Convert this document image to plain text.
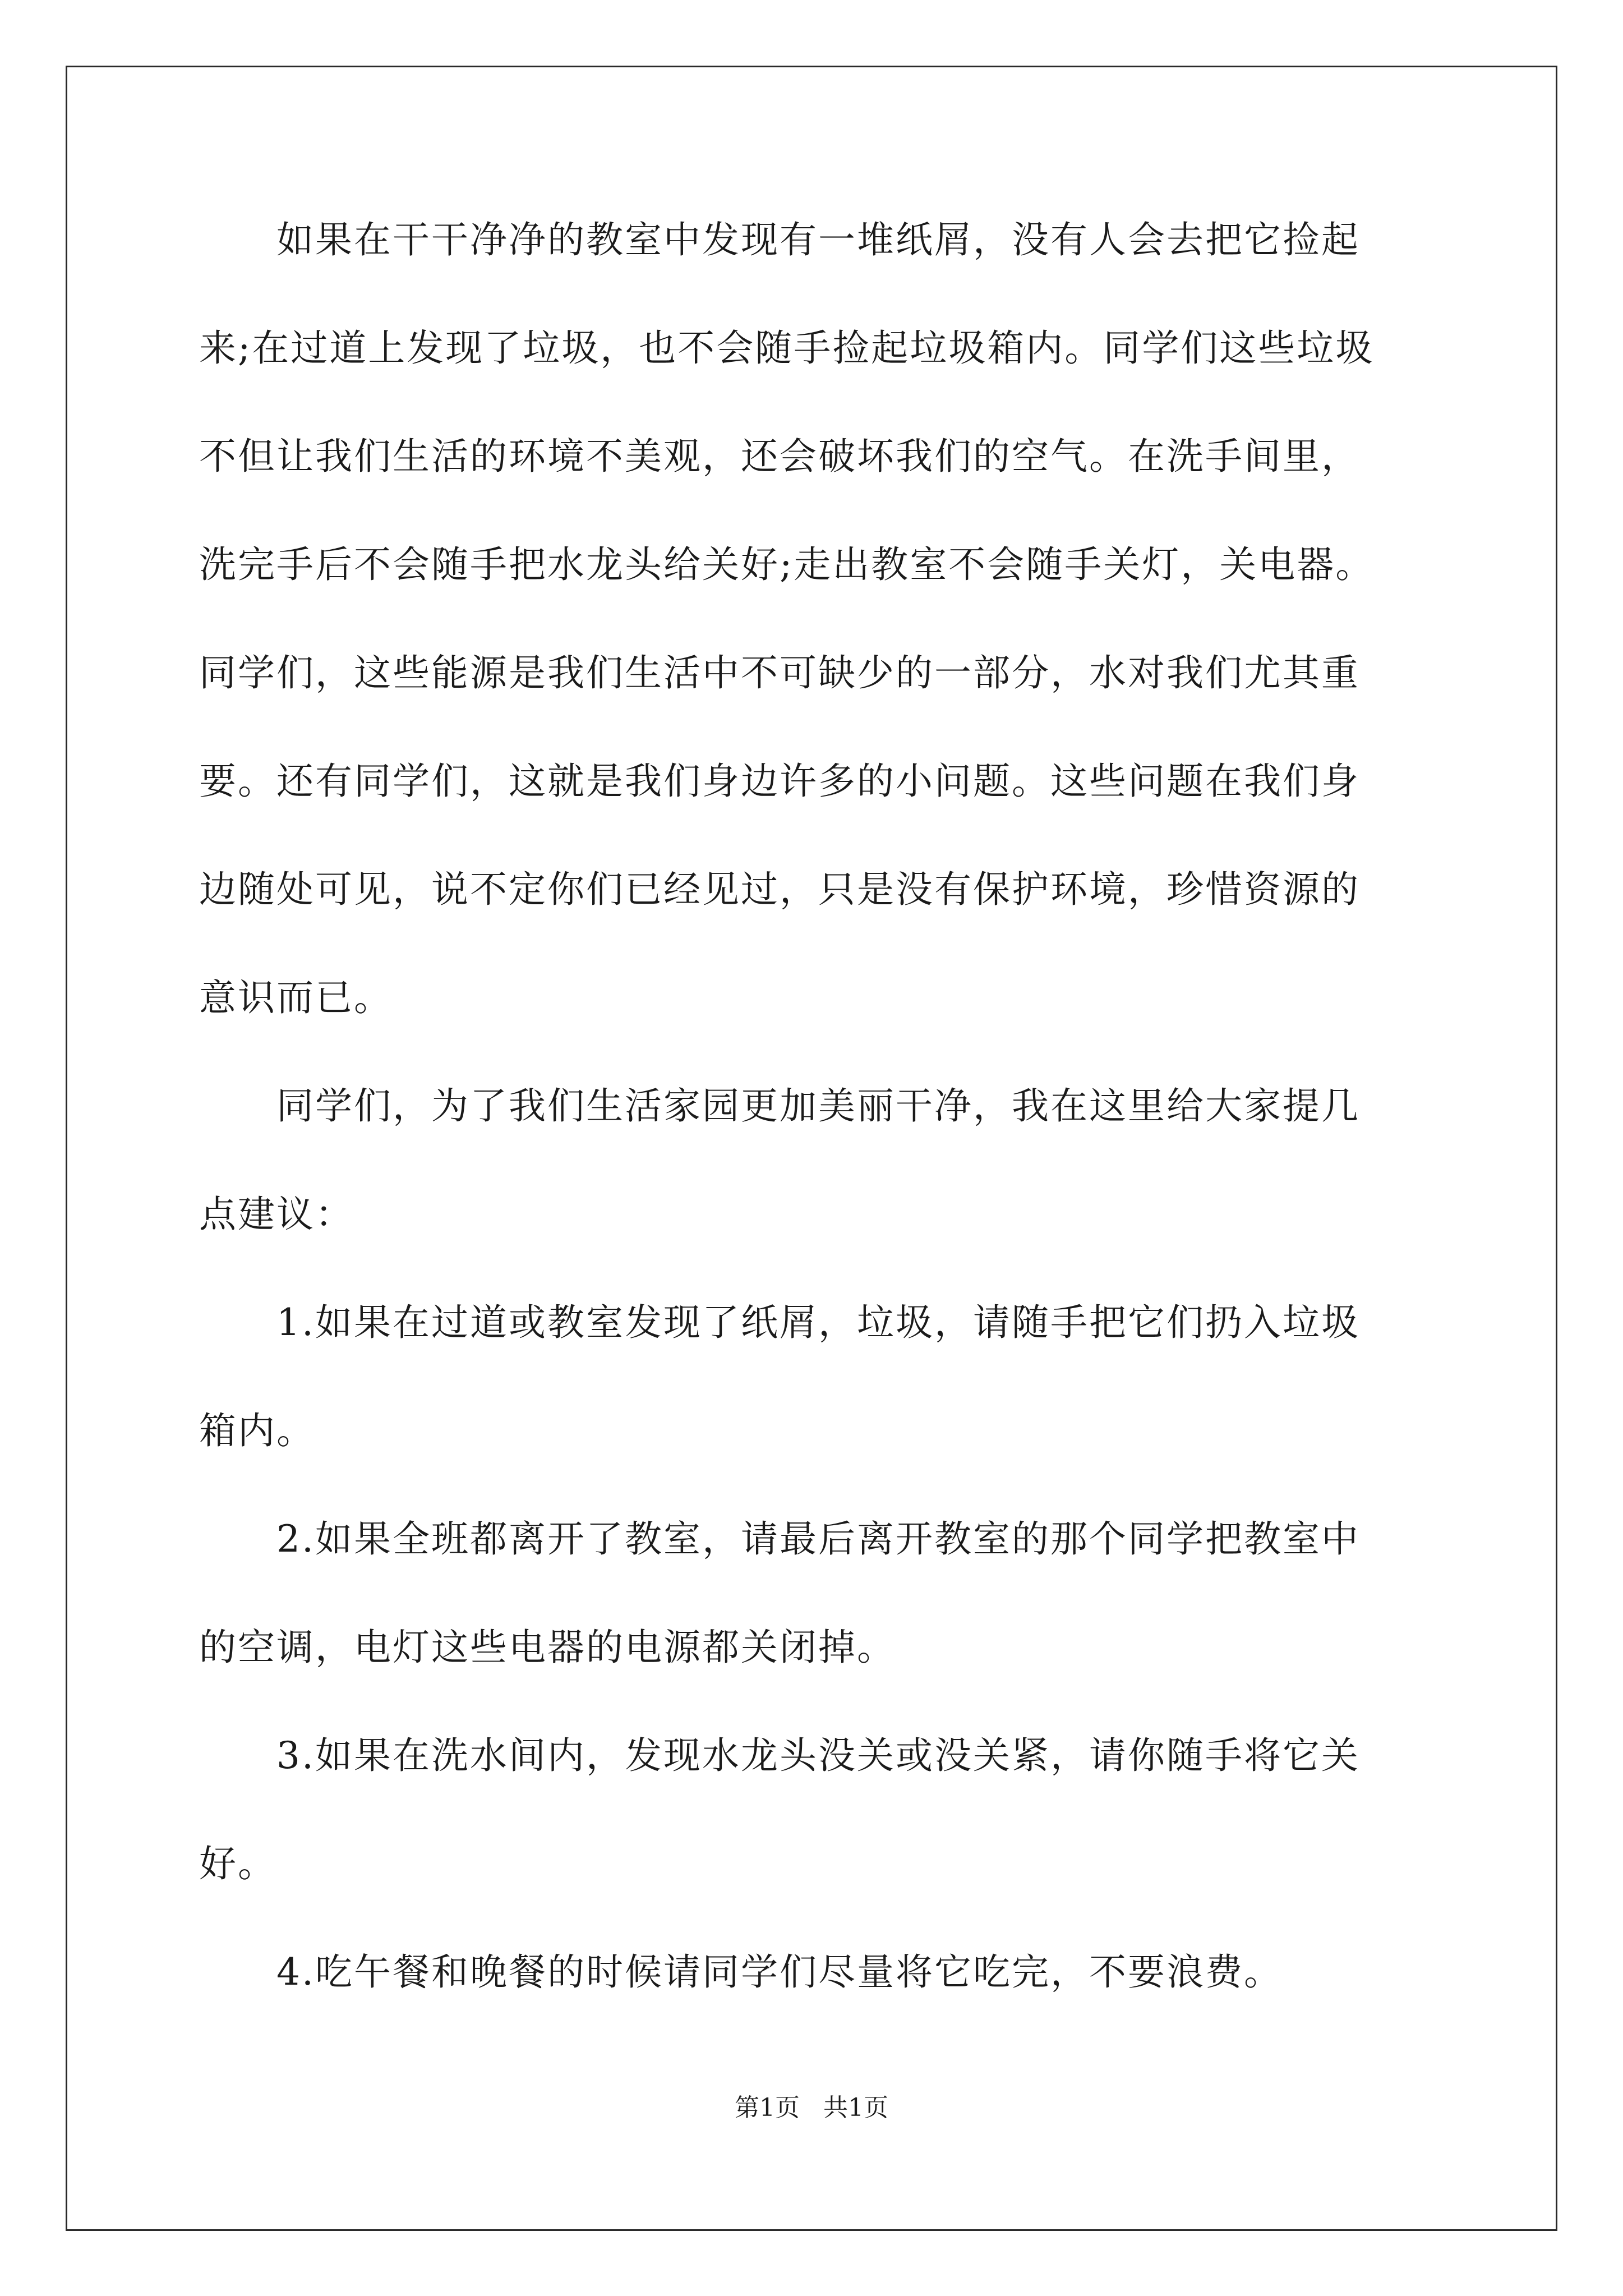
如果在干干净净的教室中发现有一堆纸屑，没有人会去把它捡起
来;在过道上发现了垃圾，也不会随手捡起垃圾箱内。同学们这些垃圾
不但让我们生活的环境不美观，还会破坏我们的空气。在洗手间里，
洗完手后不会随手把水龙头给关好;走出教室不会随手关灯，关电器。
同学们，这些能源是我们生活中不可缺少的一部分，水对我们尤其重
要。还有同学们，这就是我们身边许多的小问题。这些问题在我们身
边随处可见，说不定你们已经见过，只是没有保护环境，珍惜资源的
意识而已。

同学们，为了我们生活家园更加美丽干净，我在这里给大家提几
点建议：

1.如果在过道或教室发现了纸屑，垃圾，请随手把它们扔入垃圾
箱内。

2.如果全班都离开了教室，请最后离开教室的那个同学把教室中
的空调，电灯这些电器的电源都关闭掉。

3.如果在洗水间内，发现水龙头没关或没关紧，请你随手将它关
好。

4.吃午餐和晚餐的时候请同学们尽量将它吃完，不要浪费。

第1页   共1页
